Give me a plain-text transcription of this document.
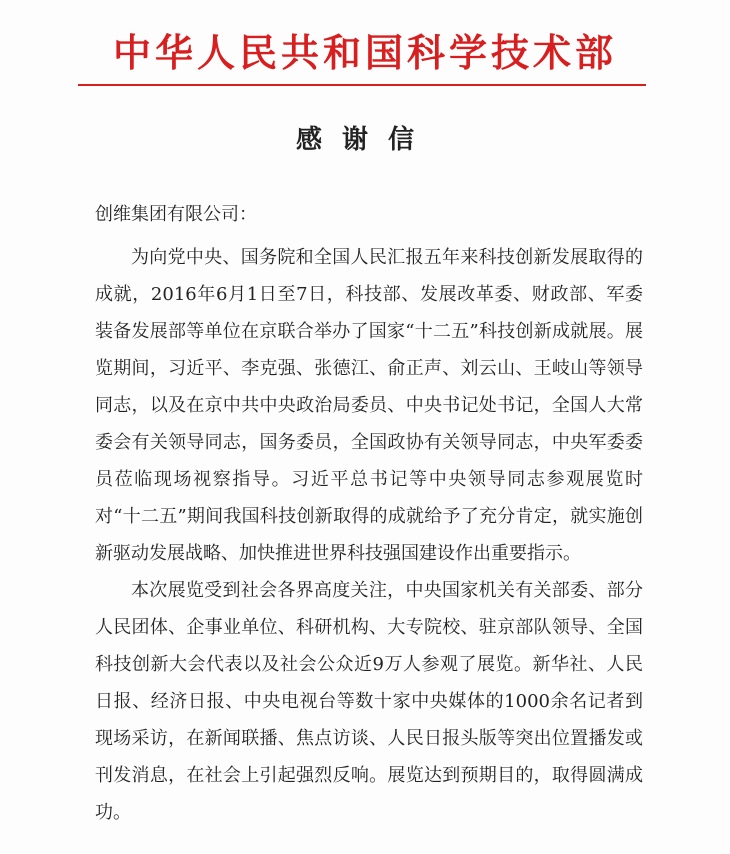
中华人民共和国科学技术部
感谢信
创维集团有限公司：

为向党中央、国务院和全国人民汇报五年来科技创新发展取得的成就，2016年6月1日至7日，科技部、发展改革委、财政部、军委装备发展部等单位在京联合举办了国家“十二五”科技创新成就展。展览期间，习近平、李克强、张德江、俞正声、刘云山、王岐山等领导同志，以及在京中共中央政治局委员、中央书记处书记，全国人大常委会有关领导同志，国务委员，全国政协有关领导同志，中央军委委员莅临现场视察指导。习近平总书记等中央领导同志参观展览时对“十二五”期间我国科技创新取得的成就给予了充分肯定，就实施创新驱动发展战略、加快推进世界科技强国建设作出重要指示。

本次展览受到社会各界高度关注，中央国家机关有关部委、部分人民团体、企事业单位、科研机构、大专院校、驻京部队领导、全国科技创新大会代表以及社会公众近9万人参观了展览。新华社、人民日报、经济日报、中央电视台等数十家中央媒体的1000余名记者到现场采访，在新闻联播、焦点访谈、人民日报头版等突出位置播发或刊发消息，在社会上引起强烈反响。展览达到预期目的，取得圆满成功。
